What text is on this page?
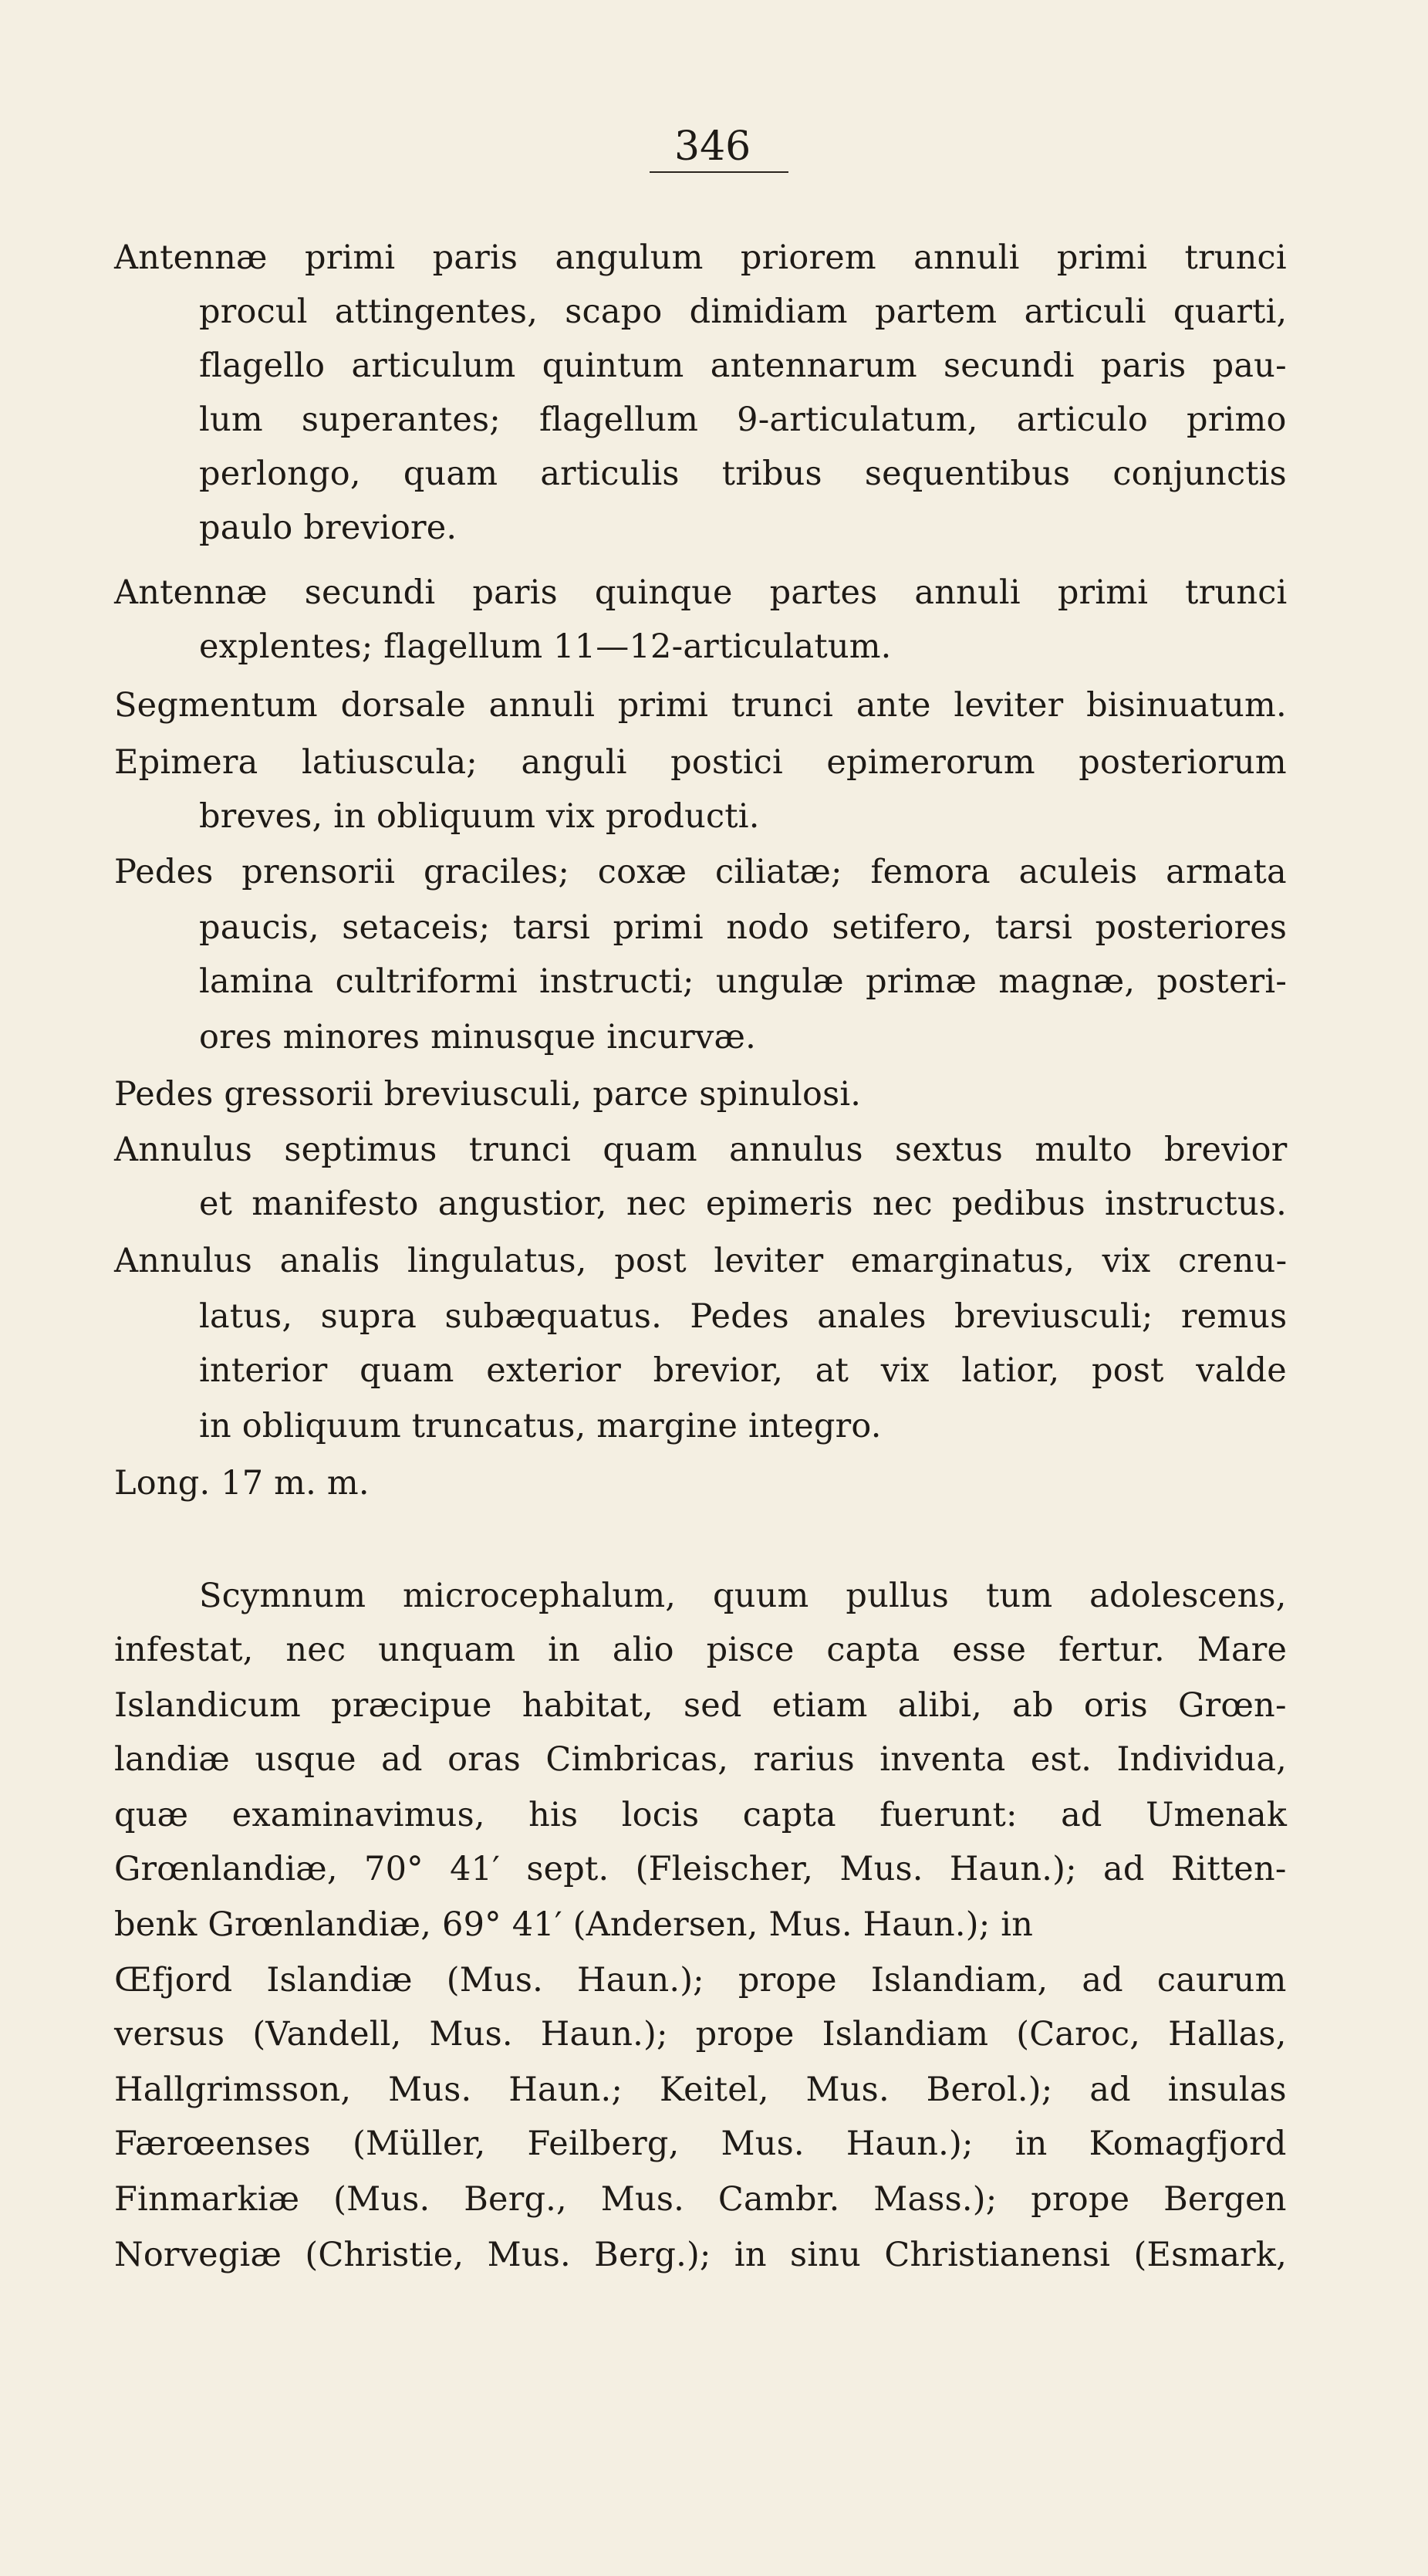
346
Antennæ primi paris angulum priorem annuli primi trunci
procul attingentes, scapo dimidiam partem articuli quarti,
flagello articulum quintum antennarum secundi paris pau-
lum superantes; flagellum 9-articulatum, articulo primo
perlongo, quam articulis tribus sequentibus conjunctis
paulo breviore.
Antennæ secundi paris quinque partes annuli primi trunci
explentes; flagellum 11—12-articulatum.
Segmentum dorsale annuli primi trunci ante leviter bisinuatum.
Epimera latiuscula; anguli postici epimerorum posteriorum
breves, in obliquum vix producti.
Pedes prensorii graciles; coxæ ciliatæ; femora aculeis armata
paucis, setaceis; tarsi primi nodo setifero, tarsi posteriores
lamina cultriformi instructi; ungulæ primæ magnæ, posteri-
ores minores minusque incurvæ.
Pedes gressorii breviusculi, parce spinulosi.
Annulus septimus trunci quam annulus sextus multo brevior
et manifesto angustior, nec epimeris nec pedibus instructus.
Annulus analis lingulatus, post leviter emarginatus, vix crenu-
latus, supra subæquatus. Pedes anales breviusculi; remus
interior quam exterior brevior, at vix latior, post valde
in obliquum truncatus, margine integro.
Long. 17 m. m.
Scymnum microcephalum, quum pullus tum adolescens,
infestat, nec unquam in alio pisce capta esse fertur. Mare
Islandicum præcipue habitat, sed etiam alibi, ab oris Grœn-
landiæ usque ad oras Cimbricas, rarius inventa est. Individua,
quæ examinavimus, his locis capta fuerunt: ad Umenak
Grœnlandiæ, 70° 41′ sept. (Fleischer, Mus. Haun.); ad Ritten-
benk Grœnlandiæ, 69° 41′ (Andersen, Mus. Haun.); in
Œfjord Islandiæ (Mus. Haun.); prope Islandiam, ad caurum
versus (Vandell, Mus. Haun.); prope Islandiam (Caroc, Hallas,
Hallgrimsson, Mus. Haun.; Keitel, Mus. Berol.); ad insulas
Færœenses (Müller, Feilberg, Mus. Haun.); in Komagfjord
Finmarkiæ (Mus. Berg., Mus. Cambr. Mass.); prope Bergen
Norvegiæ (Christie, Mus. Berg.); in sinu Christianensi (Esmark,
